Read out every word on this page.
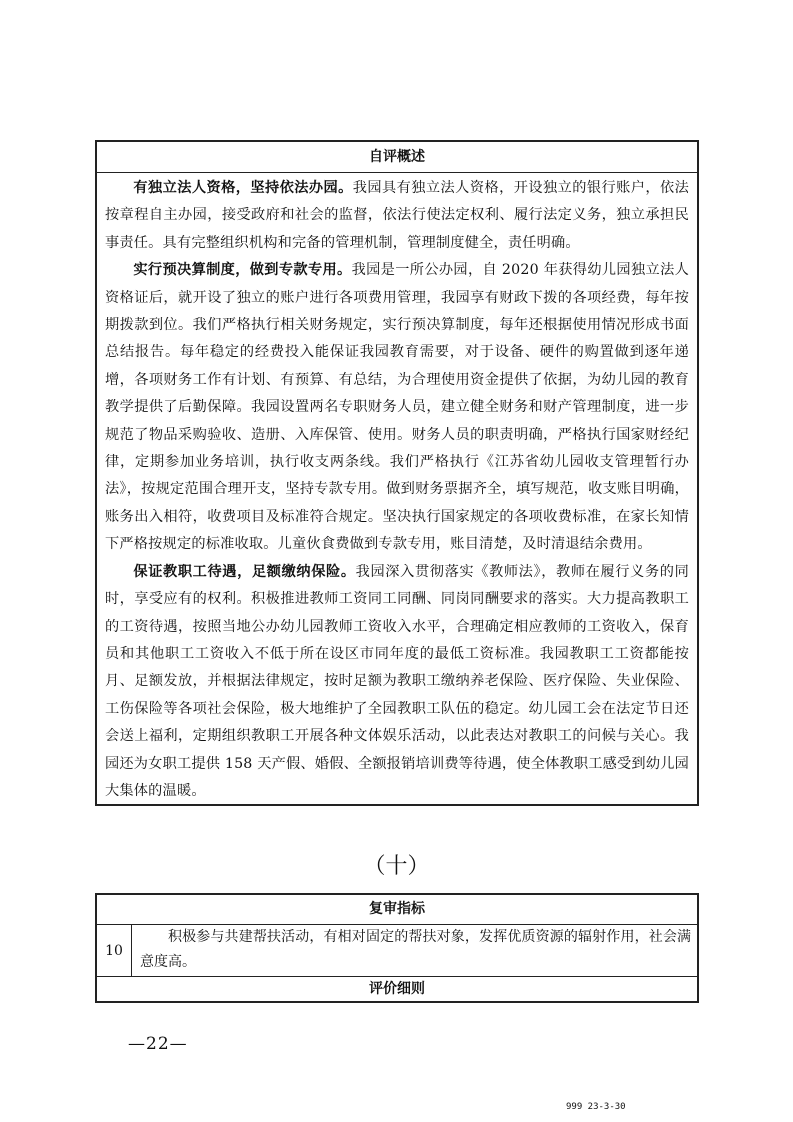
自评概述

有独立法人资格，坚持依法办园。我园具有独立法人资格，开设独立的银行账户，依法按章程自主办园，接受政府和社会的监督，依法行使法定权利、履行法定义务，独立承担民事责任。具有完整组织机构和完备的管理机制，管理制度健全，责任明确。

实行预决算制度，做到专款专用。我园是一所公办园，自 2020 年获得幼儿园独立法人资格证后，就开设了独立的账户进行各项费用管理，我园享有财政下拨的各项经费，每年按期拨款到位。我们严格执行相关财务规定，实行预决算制度，每年还根据使用情况形成书面总结报告。每年稳定的经费投入能保证我园教育需要，对于设备、硬件的购置做到逐年递增，各项财务工作有计划、有预算、有总结，为合理使用资金提供了依据，为幼儿园的教育教学提供了后勤保障。我园设置两名专职财务人员，建立健全财务和财产管理制度，进一步规范了物品采购验收、造册、入库保管、使用。财务人员的职责明确，严格执行国家财经纪律，定期参加业务培训，执行收支两条线。我们严格执行《江苏省幼儿园收支管理暂行办法》，按规定范围合理开支，坚持专款专用。做到财务票据齐全，填写规范，收支账目明确，账务出入相符，收费项目及标准符合规定。坚决执行国家规定的各项收费标准，在家长知情下严格按规定的标准收取。儿童伙食费做到专款专用，账目清楚，及时清退结余费用。

保证教职工待遇，足额缴纳保险。我园深入贯彻落实《教师法》，教师在履行义务的同时，享受应有的权利。积极推进教师工资同工同酬、同岗同酬要求的落实。大力提高教职工的工资待遇，按照当地公办幼儿园教师工资收入水平，合理确定相应教师的工资收入，保育员和其他职工工资收入不低于所在设区市同年度的最低工资标准。我园教职工工资都能按月、足额发放，并根据法律规定，按时足额为教职工缴纳养老保险、医疗保险、失业保险、工伤保险等各项社会保险，极大地维护了全园教职工队伍的稳定。幼儿园工会在法定节日还会送上福利，定期组织教职工开展各种文体娱乐活动，以此表达对教职工的问候与关心。我园还为女职工提供 158 天产假、婚假、全额报销培训费等待遇，使全体教职工感受到幼儿园大集体的温暖。

（十）
复审指标
10

积极参与共建帮扶活动，有相对固定的帮扶对象，发挥优质资源的辐射作用，社会满意度高。

评价细则
—22—
999 23-3-30
